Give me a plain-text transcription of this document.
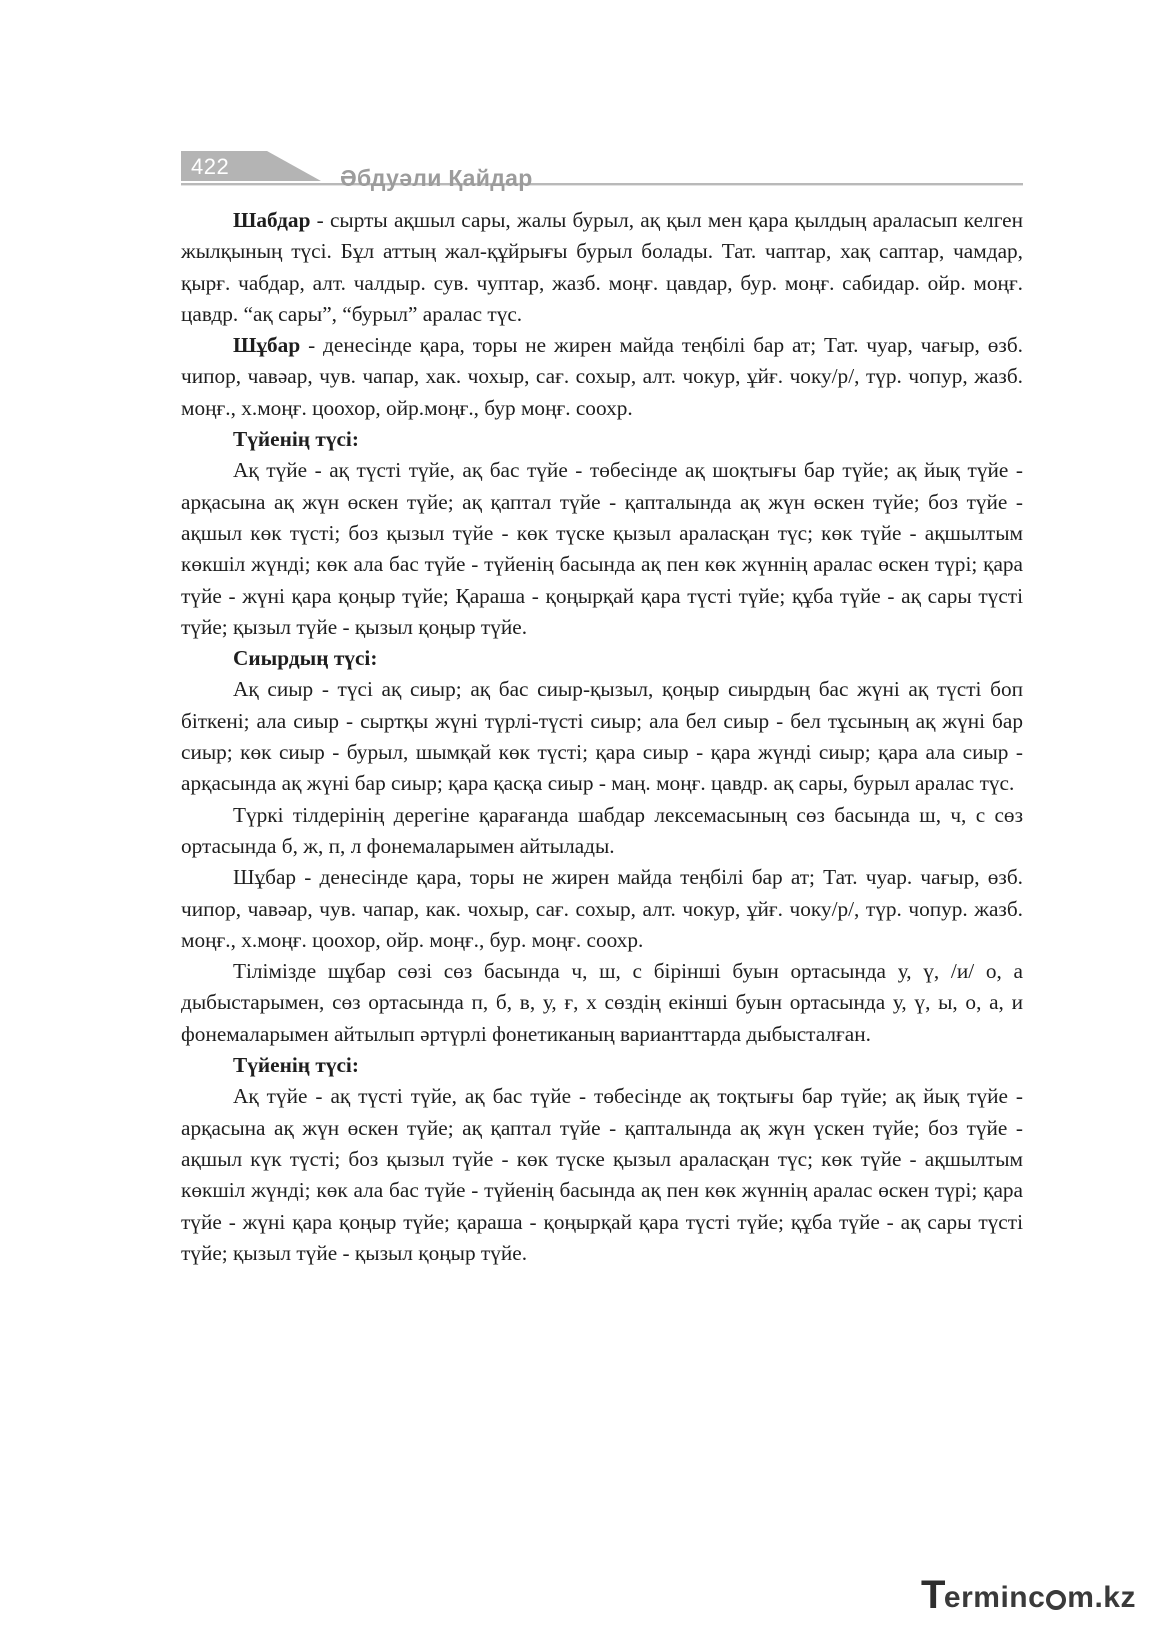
422	Әбдуәли Қайдар

Шабдар - сырты ақшыл сары, жалы бурыл, ақ қыл мен қара қылдың араласып келген жылқының түсі. Бұл аттың жал-құйрығы бурыл болады. Тат. чаптар, хақ саптар, чамдар, қырғ. чабдар, алт. чалдыр. сув. чуптар, жазб. моңғ. цавдар, бур. моңғ. сабидар. ойр. моңғ. цавдр. “ақ сары”, “бурыл” аралас түс.

Шұбар - денесінде қара, торы не жирен майда теңбілі бар ат; Тат. чуар, чағыр, өзб. чипор, чавәар, чув. чапар, хак. чохыр, сағ. сохыр, алт. чокур, ұйғ. чоку/р/, түр. чопур, жазб. моңғ., х.моңғ. цоохор, ойр.моңғ., бур моңғ. соохр.

Түйенің түсі:

Ақ түйе - ақ түсті түйе, ақ бас түйе - төбесінде ақ шоқтығы бар түйе; ақ йық түйе - арқасына ақ жүн өскен түйе; ақ қаптал түйе - қапталында ақ жүн өскен түйе; боз түйе - ақшыл көк түсті; боз қызыл түйе - көк түске қызыл араласқан түс; көк түйе - ақшылтым көкшіл жүнді; көк ала бас түйе - түйенің басында ақ пен көк жүннің аралас өскен түрі; қара түйе - жүні қара қоңыр түйе; Қараша - қоңырқай қара түсті түйе; құба түйе - ақ сары түсті түйе; қызыл түйе - қызыл қоңыр түйе.

Сиырдың түсі:

Ақ сиыр - түсі ақ сиыр; ақ бас сиыр-қызыл, қоңыр сиырдың бас жүні ақ түсті боп біткені; ала сиыр - сыртқы жүні түрлі-түсті сиыр; ала бел сиыр - бел тұсының ақ жүні бар сиыр; көк сиыр - бурыл, шымқай көк түсті; қара сиыр - қара жүнді сиыр; қара ала сиыр - арқасында ақ жүні бар сиыр; қара қасқа сиыр - маң. моңғ. цавдр. ақ сары, бурыл аралас түс.

Түркі тілдерінің дерегіне қарағанда шабдар лексемасының сөз басында ш, ч, с сөз ортасында б, ж, п, л фонемаларымен айтылады.

Шұбар - денесінде қара, торы не жирен майда теңбілі бар ат; Тат. чуар. чағыр, өзб. чипор, чавәар, чув. чапар, как. чохыр, сағ. сохыр, алт. чокур, ұйғ. чоку/р/, түр. чопур. жазб. моңғ., х.моңғ. цоохор, ойр. моңғ., бур. моңғ. соохр.

Тілімізде шұбар сөзі сөз басында ч, ш, с бірінші буын ортасында у, ү, /и/ о, а дыбыстарымен, сөз ортасында п, б, в, у, ғ, х сөздің екінші буын ортасында у, ү, ы, о, а, и фонемаларымен айтылып әртүрлі фонетиканың варианттарда дыбысталған.

Түйенің түсі:

Ақ түйе - ақ түсті түйе, ақ бас түйе - төбесінде ақ тоқтығы бар түйе; ақ йық түйе - арқасына ақ жүн өскен түйе; ақ қаптал түйе - қапталында ақ жүн үскен түйе; боз түйе - ақшыл күк түсті; боз қызыл түйе - көк түске қызыл араласқан түс; көк түйе - ақшылтым көкшіл жүнді; көк ала бас түйе - түйенің басында ақ пен көк жүннің аралас өскен түрі; қара түйе - жүні қара қоңыр түйе; қараша - қоңырқай қара түсті түйе; құба түйе - ақ сары түсті түйе; қызыл түйе - қызыл қоңыр түйе.

T
erminc m.kz
